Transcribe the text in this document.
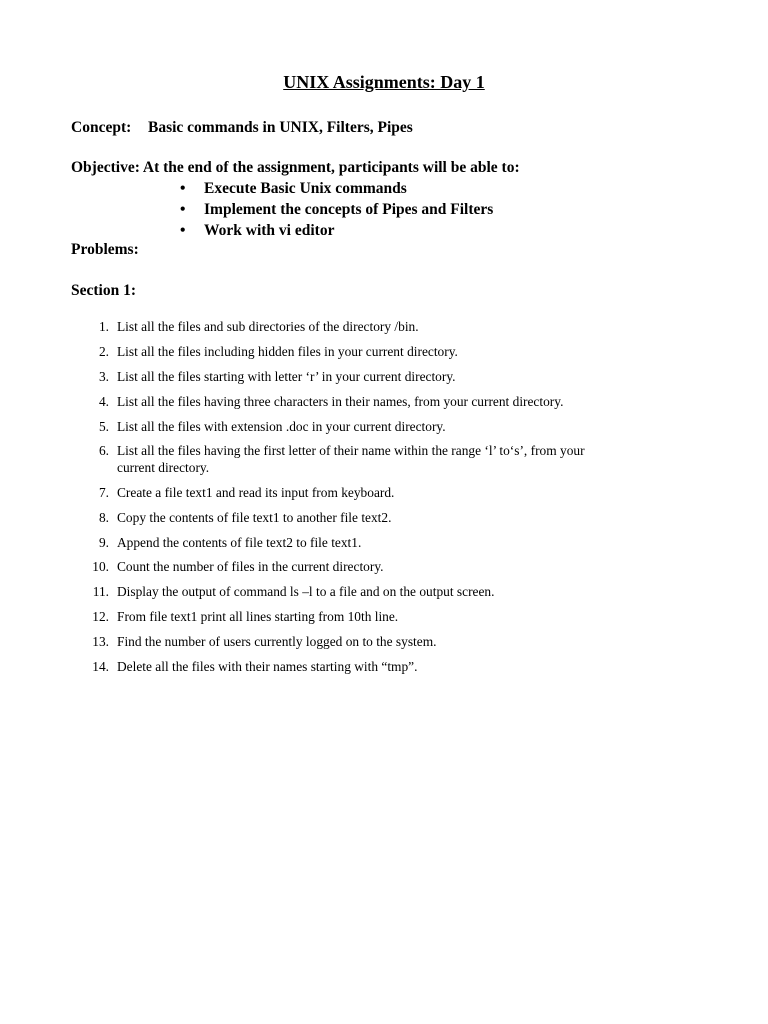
UNIX Assignments: Day 1
Concept: Basic commands in UNIX, Filters, Pipes
Objective: At the end of the assignment, participants will be able to:
• Execute Basic Unix commands
• Implement the concepts of Pipes and Filters
• Work with vi editor
Problems:
Section 1:
1. List all the files and sub directories of the directory /bin.
2. List all the files including hidden files in your current directory.
3. List all the files starting with letter ‘r’ in your current directory.
4. List all the files having three characters in their names, from your current directory.
5. List all the files with extension .doc in your current directory.
6. List all the files having the first letter of their name within the range ‘l’ to‘s’, from your current directory.
7. Create a file text1 and read its input from keyboard.
8. Copy the contents of file text1 to another file text2.
9. Append the contents of file text2 to file text1.
10. Count the number of files in the current directory.
11. Display the output of command ls –l to a file and on the output screen.
12. From file text1 print all lines starting from 10th line.
13. Find the number of users currently logged on to the system.
14. Delete all the files with their names starting with “tmp”.
